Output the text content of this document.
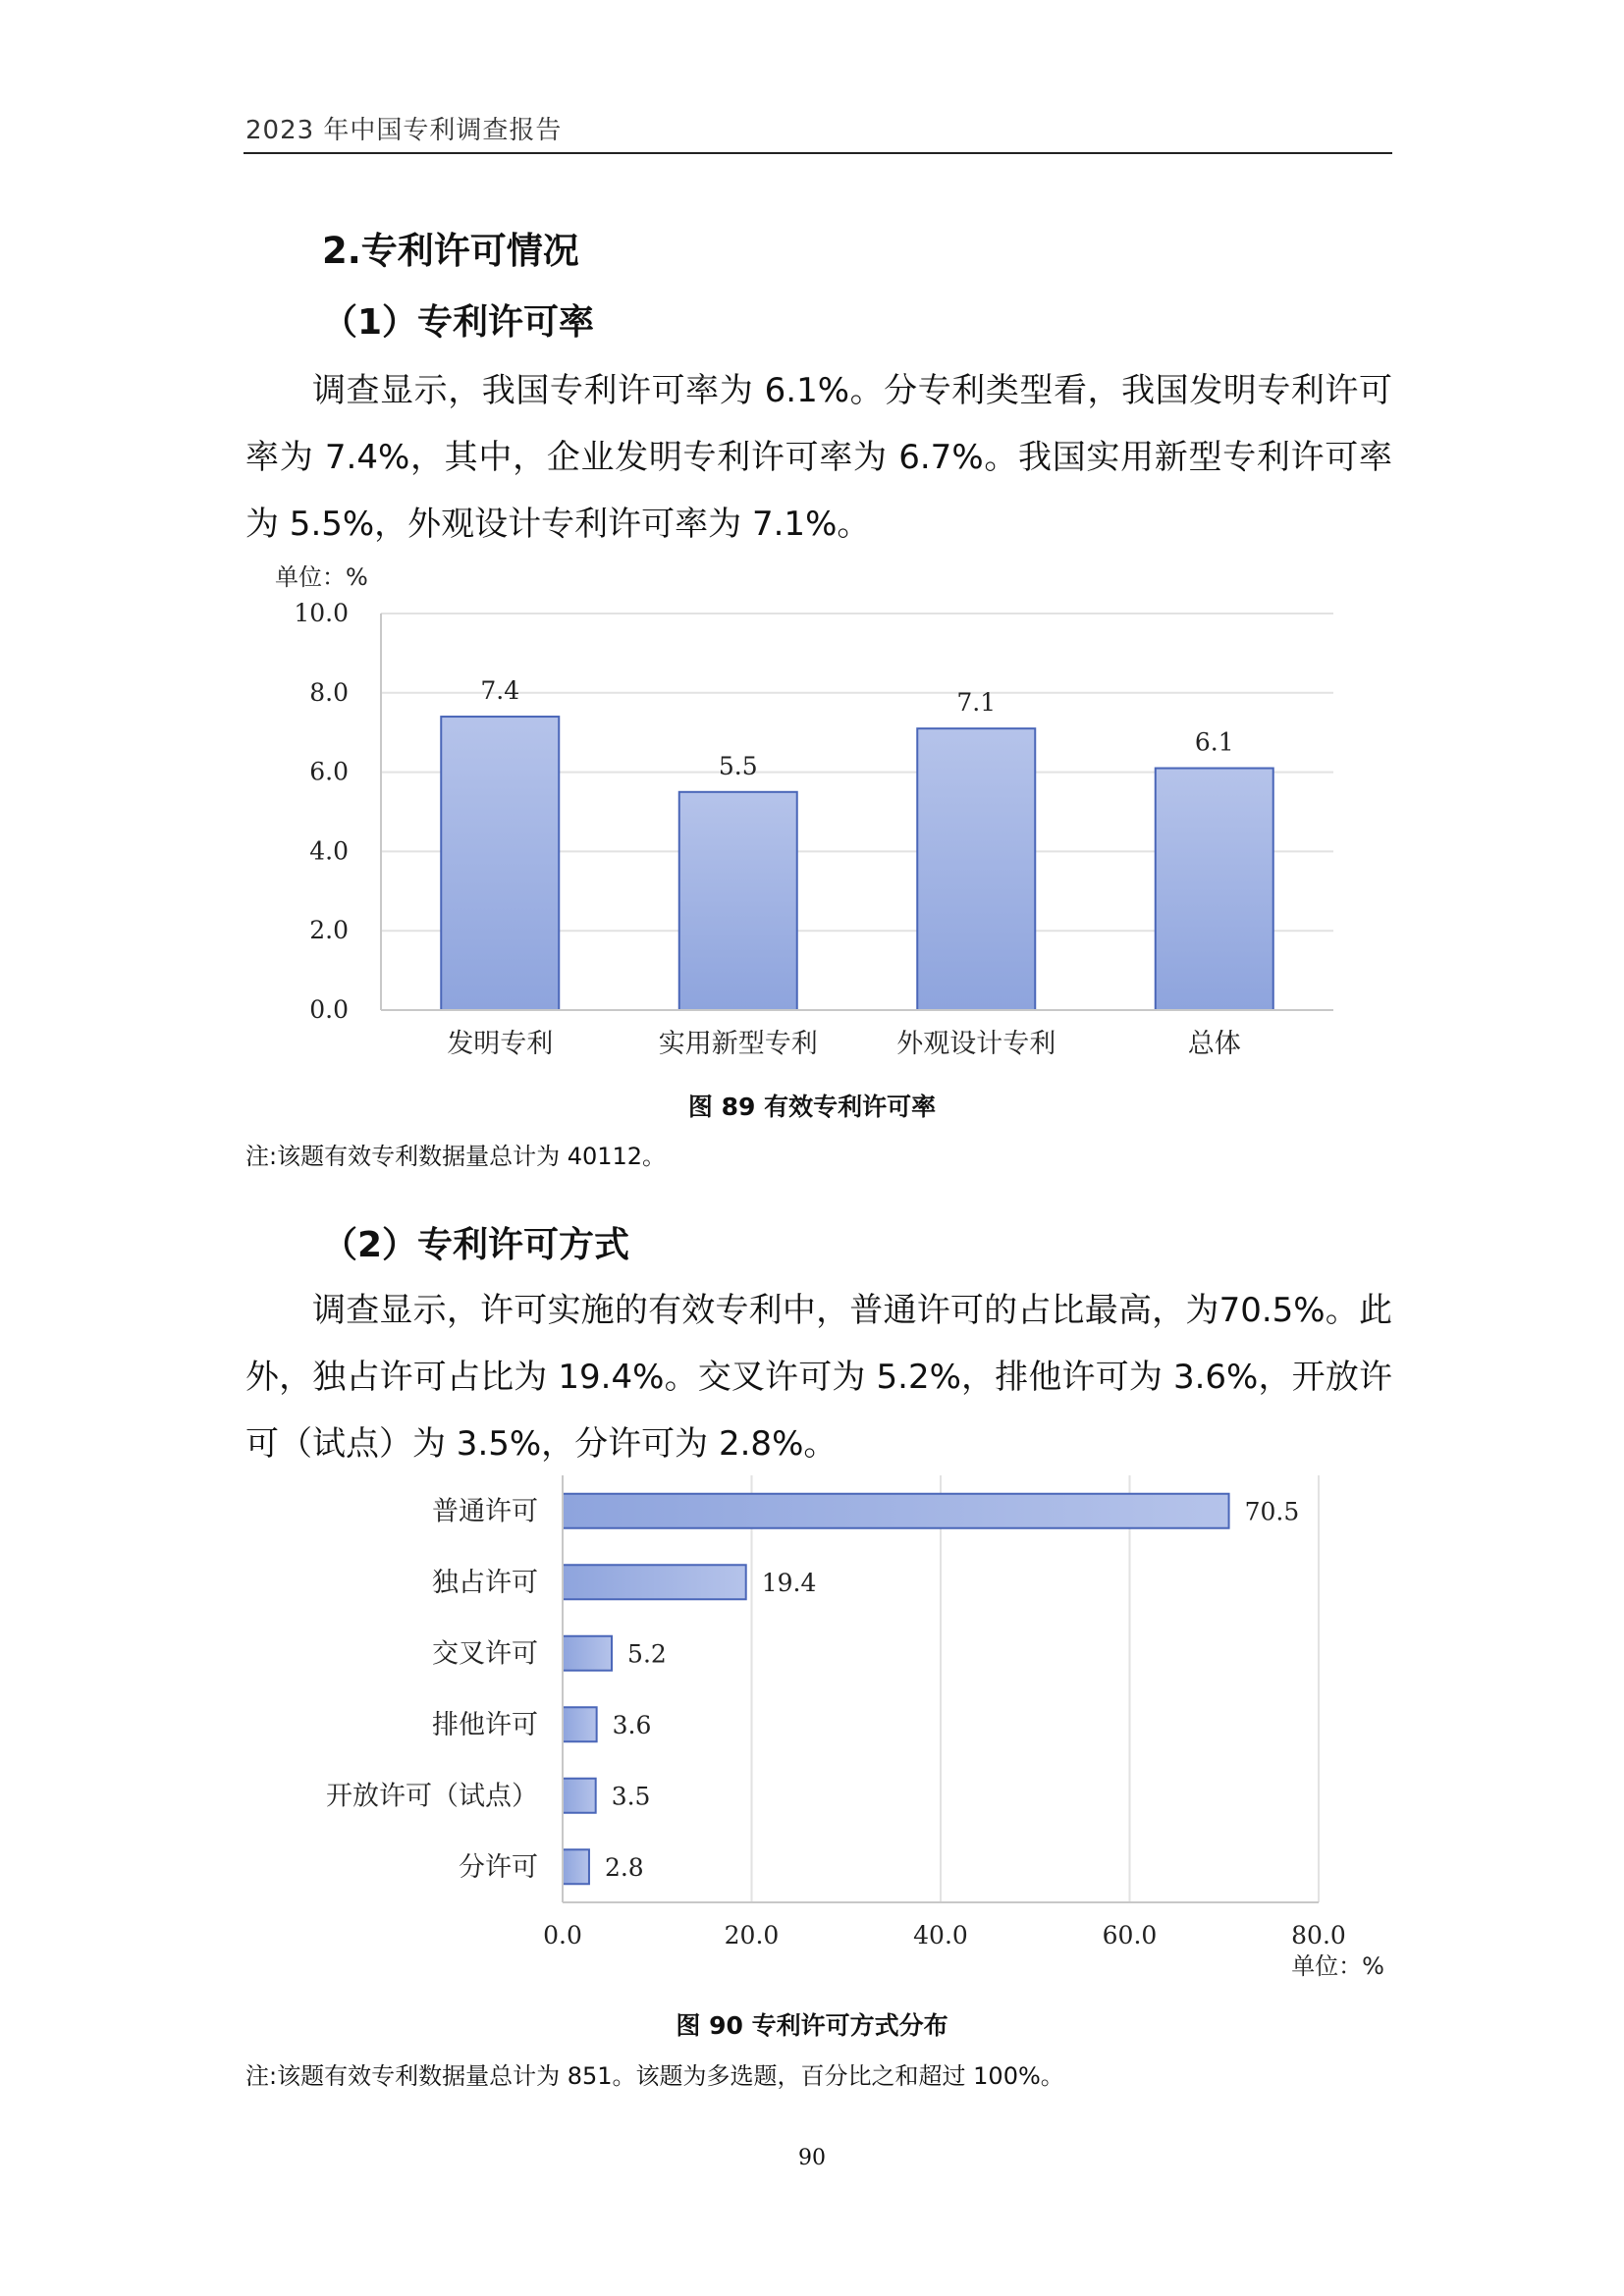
2023 年中国专利调查报告
2.专利许可情况
（1）专利许可率
调查显示，我国专利许可率为 6.1%。分专利类型看，我国发明专利许可率为 7.4%，其中，企业发明专利许可率为 6.7%。我国实用新型专利许可率为 5.5%，外观设计专利许可率为 7.1%。
单位：%
0.0
2.0
4.0
6.0
8.0
10.0
7.4
5.5
7.1
6.1
发明专利	实用新型专利	外观设计专利	总体
图 89 有效专利许可率
注:该题有效专利数据量总计为 40112。
（2）专利许可方式
调查显示，许可实施的有效专利中，普通许可的占比最高，为70.5%。此外，独占许可占比为 19.4%。交叉许可为 5.2%，排他许可为 3.6%，开放许可（试点）为 3.5%，分许可为 2.8%。
70.5
19.4
5.2
3.6
3.5
2.8
普通许可
独占许可
交叉许可
排他许可
开放许可（试点）
分许可
0.0	20.0	40.0	60.0	80.0
单位：%
图 90 专利许可方式分布
注:该题有效专利数据量总计为 851。该题为多选题，百分比之和超过 100%。
90
